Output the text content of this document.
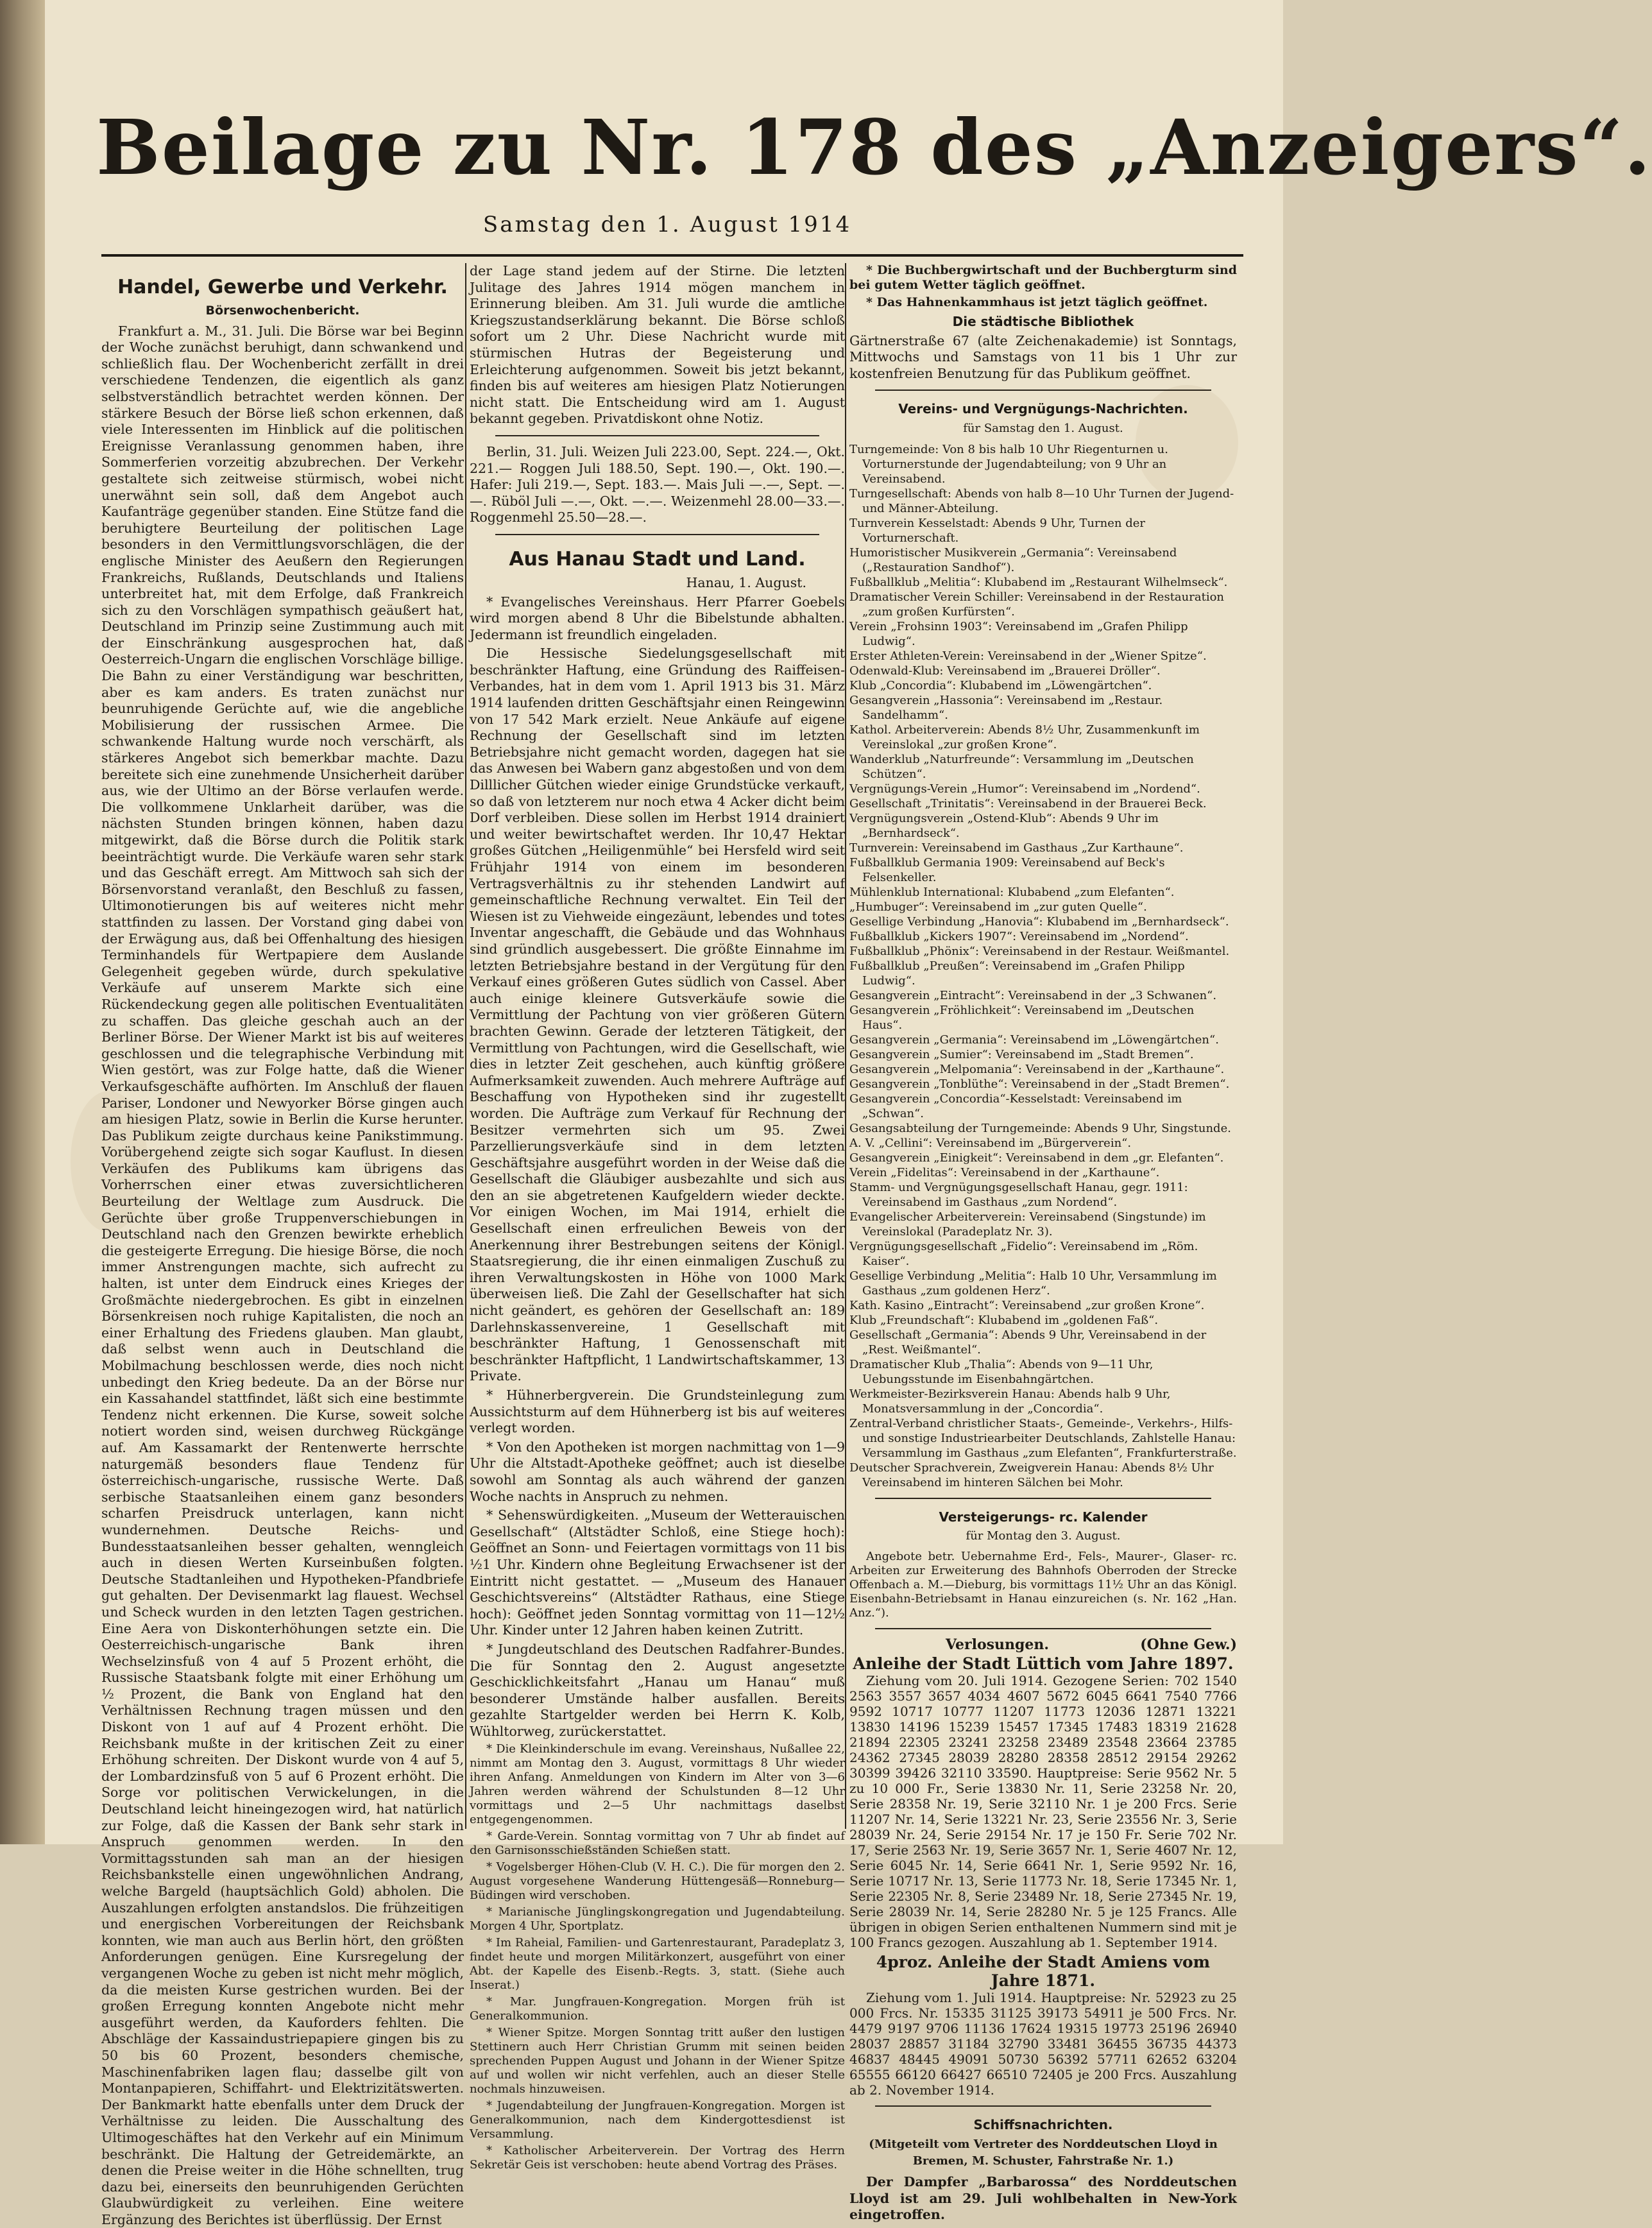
Beilage zu Nr. 178 des „Anzeigers“.
Samstag den 1. August 1914
Handel, Gewerbe und Verkehr.
Börsenwochenbericht.

Frankfurt a. M., 31. Juli. Die Börse war bei Beginn der Woche zunächst beruhigt, dann schwankend und schließlich flau. Der Wochenbericht zerfällt in drei verschiedene Tendenzen, die eigentlich als ganz selbstverständlich betrachtet werden können. Der stärkere Besuch der Börse ließ schon erkennen, daß viele Interessenten im Hinblick auf die politischen Ereignisse Veranlassung genommen haben, ihre Sommerferien vorzeitig abzubrechen. Der Verkehr gestaltete sich zeitweise stürmisch, wobei nicht unerwähnt sein soll, daß dem Angebot auch Kaufanträge gegenüber standen. Eine Stütze fand die beruhigtere Beurteilung der politischen Lage besonders in den Vermittlungsvorschlägen, die der englische Minister des Aeußern den Regierungen Frankreichs, Rußlands, Deutschlands und Italiens unterbreitet hat, mit dem Erfolge, daß Frankreich sich zu den Vorschlägen sympathisch geäußert hat, Deutschland im Prinzip seine Zustimmung auch mit der Einschränkung ausgesprochen hat, daß Oesterreich-Ungarn die englischen Vorschläge billige. Die Bahn zu einer Verständigung war beschritten, aber es kam anders. Es traten zunächst nur beunruhigende Gerüchte auf, wie die angebliche Mobilisierung der russischen Armee. Die schwankende Haltung wurde noch verschärft, als stärkeres Angebot sich bemerkbar machte. Dazu bereitete sich eine zunehmende Unsicherheit darüber aus, wie der Ultimo an der Börse verlaufen werde. Die vollkommene Unklarheit darüber, was die nächsten Stunden bringen können, haben dazu mitgewirkt, daß die Börse durch die Politik stark beeinträchtigt wurde. Die Verkäufe waren sehr stark und das Geschäft erregt. Am Mittwoch sah sich der Börsenvorstand veranlaßt, den Beschluß zu fassen, Ultimonotierungen bis auf weiteres nicht mehr stattfinden zu lassen. Der Vorstand ging dabei von der Erwägung aus, daß bei Offenhaltung des hiesigen Terminhandels für Wertpapiere dem Auslande Gelegenheit gegeben würde, durch spekulative Verkäufe auf unserem Markte sich eine Rückendeckung gegen alle politischen Eventualitäten zu schaffen. Das gleiche geschah auch an der Berliner Börse. Der Wiener Markt ist bis auf weiteres geschlossen und die telegraphische Verbindung mit Wien gestört, was zur Folge hatte, daß die Wiener Verkaufsgeschäfte aufhörten. Im Anschluß der flauen Pariser, Londoner und Newyorker Börse gingen auch am hiesigen Platz, sowie in Berlin die Kurse herunter. Das Publikum zeigte durchaus keine Panikstimmung. Vorübergehend zeigte sich sogar Kauflust. In diesen Verkäufen des Publikums kam übrigens das Vorherrschen einer etwas zuversichtlicheren Beurteilung der Weltlage zum Ausdruck. Die Gerüchte über große Truppenverschiebungen in Deutschland nach den Grenzen bewirkte erheblich die gesteigerte Erregung. Die hiesige Börse, die noch immer Anstrengungen machte, sich aufrecht zu halten, ist unter dem Eindruck eines Krieges der Großmächte niedergebrochen. Es gibt in einzelnen Börsenkreisen noch ruhige Kapitalisten, die noch an einer Erhaltung des Friedens glauben. Man glaubt, daß selbst wenn auch in Deutschland die Mobilmachung beschlossen werde, dies noch nicht unbedingt den Krieg bedeute. Da an der Börse nur ein Kassahandel stattfindet, läßt sich eine bestimmte Tendenz nicht erkennen. Die Kurse, soweit solche notiert worden sind, weisen durchweg Rückgänge auf. Am Kassamarkt der Rentenwerte herrschte naturgemäß besonders flaue Tendenz für österreichisch-ungarische, russische Werte. Daß serbische Staatsanleihen einem ganz besonders scharfen Preisdruck unterlagen, kann nicht wundernehmen. Deutsche Reichs- und Bundesstaatsanleihen besser gehalten, wenngleich auch in diesen Werten Kurseinbußen folgten. Deutsche Stadtanleihen und Hypotheken-Pfandbriefe gut gehalten. Der Devisenmarkt lag flauest. Wechsel und Scheck wurden in den letzten Tagen gestrichen. Eine Aera von Diskonterhöhungen setzte ein. Die Oesterreichisch-ungarische Bank ihren Wechselzinsfuß von 4 auf 5 Prozent erhöht, die Russische Staatsbank folgte mit einer Erhöhung um ½ Prozent, die Bank von England hat den Verhältnissen Rechnung tragen müssen und den Diskont von 1 auf auf 4 Prozent erhöht. Die Reichsbank mußte in der kritischen Zeit zu einer Erhöhung schreiten. Der Diskont wurde von 4 auf 5, der Lombardzinsfuß von 5 auf 6 Prozent erhöht. Die Sorge vor politischen Verwickelungen, in die Deutschland leicht hineingezogen wird, hat natürlich zur Folge, daß die Kassen der Bank sehr stark in Anspruch genommen werden. In den Vormittagsstunden sah man an der hiesigen Reichsbankstelle einen ungewöhnlichen Andrang, welche Bargeld (hauptsächlich Gold) abholen. Die Auszahlungen erfolgten anstandslos. Die frühzeitigen und energischen Vorbereitungen der Reichsbank konnten, wie man auch aus Berlin hört, den größten Anforderungen genügen. Eine Kursregelung der vergangenen Woche zu geben ist nicht mehr möglich, da die meisten Kurse gestrichen wurden. Bei der großen Erregung konnten Angebote nicht mehr ausgeführt werden, da Kauforders fehlten. Die Abschläge der Kassaindustriepapiere gingen bis zu 50 bis 60 Prozent, besonders chemische, Maschinenfabriken lagen flau; dasselbe gilt von Montanpapieren, Schiffahrt- und Elektrizitätswerten. Der Bankmarkt hatte ebenfalls unter dem Druck der Verhältnisse zu leiden. Die Ausschaltung des Ultimogeschäftes hat den Verkehr auf ein Minimum beschränkt. Die Haltung der Getreidemärkte, an denen die Preise weiter in die Höhe schnellten, trug dazu bei, einerseits den beunruhigenden Gerüchten Glaubwürdigkeit zu verleihen. Eine weitere Ergänzung des Berichtes ist überflüssig. Der Ernst

der Lage stand jedem auf der Stirne. Die letzten Julitage des Jahres 1914 mögen manchem in Erinnerung bleiben. Am 31. Juli wurde die amtliche Kriegszustandserklärung bekannt. Die Börse schloß sofort um 2 Uhr. Diese Nachricht wurde mit stürmischen Hutras der Begeisterung und Erleichterung aufgenommen. Soweit bis jetzt bekannt, finden bis auf weiteres am hiesigen Platz Notierungen nicht statt. Die Entscheidung wird am 1. August bekannt gegeben. Privatdiskont ohne Notiz.

Berlin, 31. Juli. Weizen Juli 223.00, Sept. 224.—, Okt. 221.— Roggen Juli 188.50, Sept. 190.—, Okt. 190.—. Hafer: Juli 219.—, Sept. 183.—. Mais Juli —.—, Sept. —.—. Rüböl Juli —.—, Okt. —.—. Weizenmehl 28.00—33.—. Roggenmehl 25.50—28.—.

Aus Hanau Stadt und Land.
Hanau, 1. August.

* Evangelisches Vereinshaus. Herr Pfarrer Goebels wird morgen abend 8 Uhr die Bibelstunde abhalten. Jedermann ist freundlich eingeladen.

Die Hessische Siedelungsgesellschaft mit beschränkter Haftung, eine Gründung des Raiffeisen-Verbandes, hat in dem vom 1. April 1913 bis 31. März 1914 laufenden dritten Geschäftsjahr einen Reingewinn von 17 542 Mark erzielt. Neue Ankäufe auf eigene Rechnung der Gesellschaft sind im letzten Betriebsjahre nicht gemacht worden, dagegen hat sie das Anwesen bei Wabern ganz abgestoßen und von dem Dilllicher Gütchen wieder einige Grundstücke verkauft, so daß von letzterem nur noch etwa 4 Acker dicht beim Dorf verbleiben. Diese sollen im Herbst 1914 drainiert und weiter bewirtschaftet werden. Ihr 10,47 Hektar großes Gütchen „Heiligenmühle“ bei Hersfeld wird seit Frühjahr 1914 von einem im besonderen Vertragsverhältnis zu ihr stehenden Landwirt auf gemeinschaftliche Rechnung verwaltet. Ein Teil der Wiesen ist zu Viehweide eingezäunt, lebendes und totes Inventar angeschafft, die Gebäude und das Wohnhaus sind gründlich ausgebessert. Die größte Einnahme im letzten Betriebsjahre bestand in der Vergütung für den Verkauf eines größeren Gutes südlich von Cassel. Aber auch einige kleinere Gutsverkäufe sowie die Vermittlung der Pachtung von vier größeren Gütern brachten Gewinn. Gerade der letzteren Tätigkeit, der Vermittlung von Pachtungen, wird die Gesellschaft, wie dies in letzter Zeit geschehen, auch künftig größere Aufmerksamkeit zuwenden. Auch mehrere Aufträge auf Beschaffung von Hypotheken sind ihr zugestellt worden. Die Aufträge zum Verkauf für Rechnung der Besitzer vermehrten sich um 95. Zwei Parzellierungsverkäufe sind in dem letzten Geschäftsjahre ausgeführt worden in der Weise daß die Gesellschaft die Gläubiger ausbezahlte und sich aus den an sie abgetretenen Kaufgeldern wieder deckte. Vor einigen Wochen, im Mai 1914, erhielt die Gesellschaft einen erfreulichen Beweis von der Anerkennung ihrer Bestrebungen seitens der Königl. Staatsregierung, die ihr einen einmaligen Zuschuß zu ihren Verwaltungskosten in Höhe von 1000 Mark überweisen ließ. Die Zahl der Gesellschafter hat sich nicht geändert, es gehören der Gesellschaft an: 189 Darlehnskassenvereine, 1 Gesellschaft mit beschränkter Haftung, 1 Genossenschaft mit beschränkter Haftpflicht, 1 Landwirtschaftskammer, 13 Private.

* Hühnerbergverein. Die Grundsteinlegung zum Aussichtsturm auf dem Hühnerberg ist bis auf weiteres verlegt worden.

* Von den Apotheken ist morgen nachmittag von 1—9 Uhr die Altstadt-Apotheke geöffnet; auch ist dieselbe sowohl am Sonntag als auch während der ganzen Woche nachts in Anspruch zu nehmen.

* Sehenswürdigkeiten. „Museum der Wetterauischen Gesellschaft“ (Altstädter Schloß, eine Stiege hoch): Geöffnet an Sonn- und Feiertagen vormittags von 11 bis ½1 Uhr. Kindern ohne Begleitung Erwachsener ist der Eintritt nicht gestattet. — „Museum des Hanauer Geschichtsvereins“ (Altstädter Rathaus, eine Stiege hoch): Geöffnet jeden Sonntag vormittag von 11—12½ Uhr. Kinder unter 12 Jahren haben keinen Zutritt.

* Jungdeutschland des Deutschen Radfahrer-Bundes. Die für Sonntag den 2. August angesetzte Geschicklichkeitsfahrt „Hanau um Hanau“ muß besonderer Umstände halber ausfallen. Bereits gezahlte Startgelder werden bei Herrn K. Kolb, Wühltorweg, zurückerstattet.

* Die Kleinkinderschule im evang. Vereinshaus, Nußallee 22, nimmt am Montag den 3. August, vormittags 8 Uhr wieder ihren Anfang. Anmeldungen von Kindern im Alter von 3—6 Jahren werden während der Schulstunden 8—12 Uhr vormittags und 2—5 Uhr nachmittags daselbst entgegengenommen.

* Garde-Verein. Sonntag vormittag von 7 Uhr ab findet auf den Garnisonsschießständen Schießen statt.

* Vogelsberger Höhen-Club (V. H. C.). Die für morgen den 2. August vorgesehene Wanderung Hüttengesäß—Ronneburg—Büdingen wird verschoben.

* Marianische Jünglingskongregation und Jugendabteilung. Morgen 4 Uhr, Sportplatz.

* Im Raheial, Familien- und Gartenrestaurant, Paradeplatz 3, findet heute und morgen Militärkonzert, ausgeführt von einer Abt. der Kapelle des Eisenb.-Regts. 3, statt. (Siehe auch Inserat.)

* Mar. Jungfrauen-Kongregation. Morgen früh ist Generalkommunion.

* Wiener Spitze. Morgen Sonntag tritt außer den lustigen Stettinern auch Herr Christian Grumm mit seinen beiden sprechenden Puppen August und Johann in der Wiener Spitze auf und wollen wir nicht verfehlen, auch an dieser Stelle nochmals hinzuweisen.

* Jugendabteilung der Jungfrauen-Kongregation. Morgen ist Generalkommunion, nach dem Kindergottesdienst ist Versammlung.

* Katholischer Arbeiterverein. Der Vortrag des Herrn Sekretär Geis ist verschoben: heute abend Vortrag des Präses.

* Die Buchbergwirtschaft und der Buchbergturm sind bei gutem Wetter täglich geöffnet.

* Das Hahnenkammhaus ist jetzt täglich geöffnet.

Die städtische Bibliothek

Gärtnerstraße 67 (alte Zeichenakademie) ist Sonntags, Mittwochs und Samstags von 11 bis 1 Uhr zur kostenfreien Benutzung für das Publikum geöffnet.

Vereins- und Vergnügungs-Nachrichten.
für Samstag den 1. August.
Turngemeinde: Von 8 bis halb 10 Uhr Riegenturnen u. Vorturnerstunde der Jugendabteilung; von 9 Uhr an Vereinsabend.
Turngesellschaft: Abends von halb 8—10 Uhr Turnen der Jugend- und Männer-Abteilung.
Turnverein Kesselstadt: Abends 9 Uhr, Turnen der Vorturnerschaft.
Humoristischer Musikverein „Germania“: Vereinsabend („Restauration Sandhof“).
Fußballklub „Melitia“: Klubabend im „Restaurant Wilhelmseck“.
Dramatischer Verein Schiller: Vereinsabend in der Restauration „zum großen Kurfürsten“.
Verein „Frohsinn 1903“: Vereinsabend im „Grafen Philipp Ludwig“.
Erster Athleten-Verein: Vereinsabend in der „Wiener Spitze“.
Odenwald-Klub: Vereinsabend im „Brauerei Dröller“.
Klub „Concordia“: Klubabend im „Löwengärtchen“.
Gesangverein „Hassonia“: Vereinsabend im „Restaur. Sandelhamm“.
Kathol. Arbeiterverein: Abends 8½ Uhr, Zusammenkunft im Vereinslokal „zur großen Krone“.
Wanderklub „Naturfreunde“: Versammlung im „Deutschen Schützen“.
Vergnügungs-Verein „Humor“: Vereinsabend im „Nordend“.
Gesellschaft „Trinitatis“: Vereinsabend in der Brauerei Beck.
Vergnügungsverein „Ostend-Klub“: Abends 9 Uhr im „Bernhardseck“.
Turnverein: Vereinsabend im Gasthaus „Zur Karthaune“.
Fußballklub Germania 1909: Vereinsabend auf Beck's Felsenkeller.
Mühlenklub International: Klubabend „zum Elefanten“.
„Humbuger“: Vereinsabend im „zur guten Quelle“.
Gesellige Verbindung „Hanovia“: Klubabend im „Bernhardseck“.
Fußballklub „Kickers 1907“: Vereinsabend im „Nordend“.
Fußballklub „Phönix“: Vereinsabend in der Restaur. Weißmantel.
Fußballklub „Preußen“: Vereinsabend im „Grafen Philipp Ludwig“.
Gesangverein „Eintracht“: Vereinsabend in der „3 Schwanen“.
Gesangverein „Fröhlichkeit“: Vereinsabend im „Deutschen Haus“.
Gesangverein „Germania“: Vereinsabend im „Löwengärtchen“.
Gesangverein „Sumier“: Vereinsabend im „Stadt Bremen“.
Gesangverein „Melpomania“: Vereinsabend in der „Karthaune“.
Gesangverein „Tonblüthe“: Vereinsabend in der „Stadt Bremen“.
Gesangverein „Concordia“-Kesselstadt: Vereinsabend im „Schwan“.
Gesangsabteilung der Turngemeinde: Abends 9 Uhr, Singstunde.
A. V. „Cellini“: Vereinsabend im „Bürgerverein“.
Gesangverein „Einigkeit“: Vereinsabend in dem „gr. Elefanten“.
Verein „Fidelitas“: Vereinsabend in der „Karthaune“.
Stamm- und Vergnügungsgesellschaft Hanau, gegr. 1911: Vereinsabend im Gasthaus „zum Nordend“.
Evangelischer Arbeiterverein: Vereinsabend (Singstunde) im Vereinslokal (Paradeplatz Nr. 3).
Vergnügungsgesellschaft „Fidelio“: Vereinsabend im „Röm. Kaiser“.
Gesellige Verbindung „Melitia“: Halb 10 Uhr, Versammlung im Gasthaus „zum goldenen Herz“.
Kath. Kasino „Eintracht“: Vereinsabend „zur großen Krone“.
Klub „Freundschaft“: Klubabend im „goldenen Faß“.
Gesellschaft „Germania“: Abends 9 Uhr, Vereinsabend in der „Rest. Weißmantel“.
Dramatischer Klub „Thalia“: Abends von 9—11 Uhr, Uebungsstunde im Eisenbahngärtchen.
Werkmeister-Bezirksverein Hanau: Abends halb 9 Uhr, Monatsversammlung in der „Concordia“.
Zentral-Verband christlicher Staats-, Gemeinde-, Verkehrs-, Hilfs- und sonstige Industriearbeiter Deutschlands, Zahlstelle Hanau: Versammlung im Gasthaus „zum Elefanten“, Frankfurterstraße.
Deutscher Sprachverein, Zweigverein Hanau: Abends 8½ Uhr Vereinsabend im hinteren Sälchen bei Mohr.
Versteigerungs- rc. Kalender
für Montag den 3. August.

Angebote betr. Uebernahme Erd-, Fels-, Maurer-, Glaser- rc. Arbeiten zur Erweiterung des Bahnhofs Oberroden der Strecke Offenbach a. M.—Dieburg, bis vormittags 11½ Uhr an das Königl. Eisenbahn-Betriebsamt in Hanau einzureichen (s. Nr. 162 „Han. Anz.“).

Verlosungen.	(Ohne Gew.)
Anleihe der Stadt Lüttich vom Jahre 1897.

Ziehung vom 20. Juli 1914. Gezogene Serien: 702 1540 2563 3557 3657 4034 4607 5672 6045 6641 7540 7766 9592 10717 10777 11207 11773 12036 12871 13221 13830 14196 15239 15457 17345 17483 18319 21628 21894 22305 23241 23258 23489 23548 23664 23785 24362 27345 28039 28280 28358 28512 29154 29262 30399 39426 32110 33590. Hauptpreise: Serie 9562 Nr. 5 zu 10 000 Fr., Serie 13830 Nr. 11, Serie 23258 Nr. 20, Serie 28358 Nr. 19, Serie 32110 Nr. 1 je 200 Frcs. Serie 11207 Nr. 14, Serie 13221 Nr. 23, Serie 23556 Nr. 3, Serie 28039 Nr. 24, Serie 29154 Nr. 17 je 150 Fr. Serie 702 Nr. 17, Serie 2563 Nr. 19, Serie 3657 Nr. 1, Serie 4607 Nr. 12, Serie 6045 Nr. 14, Serie 6641 Nr. 1, Serie 9592 Nr. 16, Serie 10717 Nr. 13, Serie 11773 Nr. 18, Serie 17345 Nr. 1, Serie 22305 Nr. 8, Serie 23489 Nr. 18, Serie 27345 Nr. 19, Serie 28039 Nr. 14, Serie 28280 Nr. 5 je 125 Francs. Alle übrigen in obigen Serien enthaltenen Nummern sind mit je 100 Francs gezogen. Auszahlung ab 1. September 1914.

4proz. Anleihe der Stadt Amiens vom Jahre 1871.

Ziehung vom 1. Juli 1914. Hauptpreise: Nr. 52923 zu 25 000 Frcs. Nr. 15335 31125 39173 54911 je 500 Frcs. Nr. 4479 9197 9706 11136 17624 19315 19773 25196 26940 28037 28857 31184 32790 33481 36455 36735 44373 46837 48445 49091 50730 56392 57711 62652 63204 65555 66120 66427 66510 72405 je 200 Frcs. Auszahlung ab 2. November 1914.

Schiffsnachrichten.
(Mitgeteilt vom Vertreter des Norddeutschen Lloyd in Bremen, M. Schuster, Fahrstraße Nr. 1.)

Der Dampfer „Barbarossa“ des Norddeutschen Lloyd ist am 29. Juli wohlbehalten in New-York eingetroffen.
